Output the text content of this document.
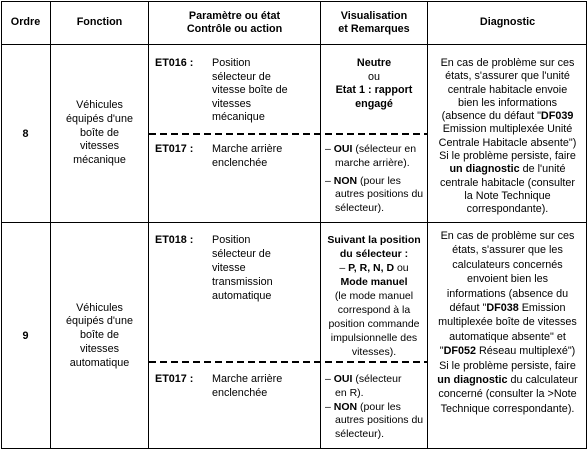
Ordre	Fonction
Paramètre ou état
Contrôle ou action
Visualisation
et Remarques
Diagnostic
8
Véhicules
équipés d'une
boîte de
vitesses
mécanique
ET016 : Position
sélecteur de
vitesse boîte de
vitesses
mécanique
Neutre
ou
Etat 1 : rapport
engagé
ET017 : Marche arrière
enclenchée
– OUI (sélecteur en
marche arrière).
– NON (pour les
autres positions du
sélecteur).
En cas de problème sur ces
états, s'assurer que l'unité
centrale habitacle envoie
bien les informations
(absence du défaut "DF039
Emission multiplexée Unité
Centrale Habitacle absente")
Si le problème persiste, faire
un diagnostic de l'unité
centrale habitacle (consulter
la Note Technique
correspondante).
9
Véhicules
équipés d'une
boîte de
vitesses
automatique
ET018 : Position
sélecteur de
vitesse
transmission
automatique
Suivant la position
du sélecteur :
– P, R, N, D ou
Mode manuel
(le mode manuel
correspond à la
position commande
impulsionnelle des
vitesses).
ET017 : Marche arrière
enclenchée
– OUI (sélecteur
en R).
– NON (pour les
autres positions du
sélecteur).
En cas de problème sur ces
états, s'assurer que les
calculateurs concernés
envoient bien les
informations (absence du
défaut "DF038 Emission
multiplexée boîte de vitesses
automatique absente" et
"DF052 Réseau multiplexé")
Si le problème persiste, faire
un diagnostic du calculateur
concerné (consulter la >Note
Technique correspondante).
